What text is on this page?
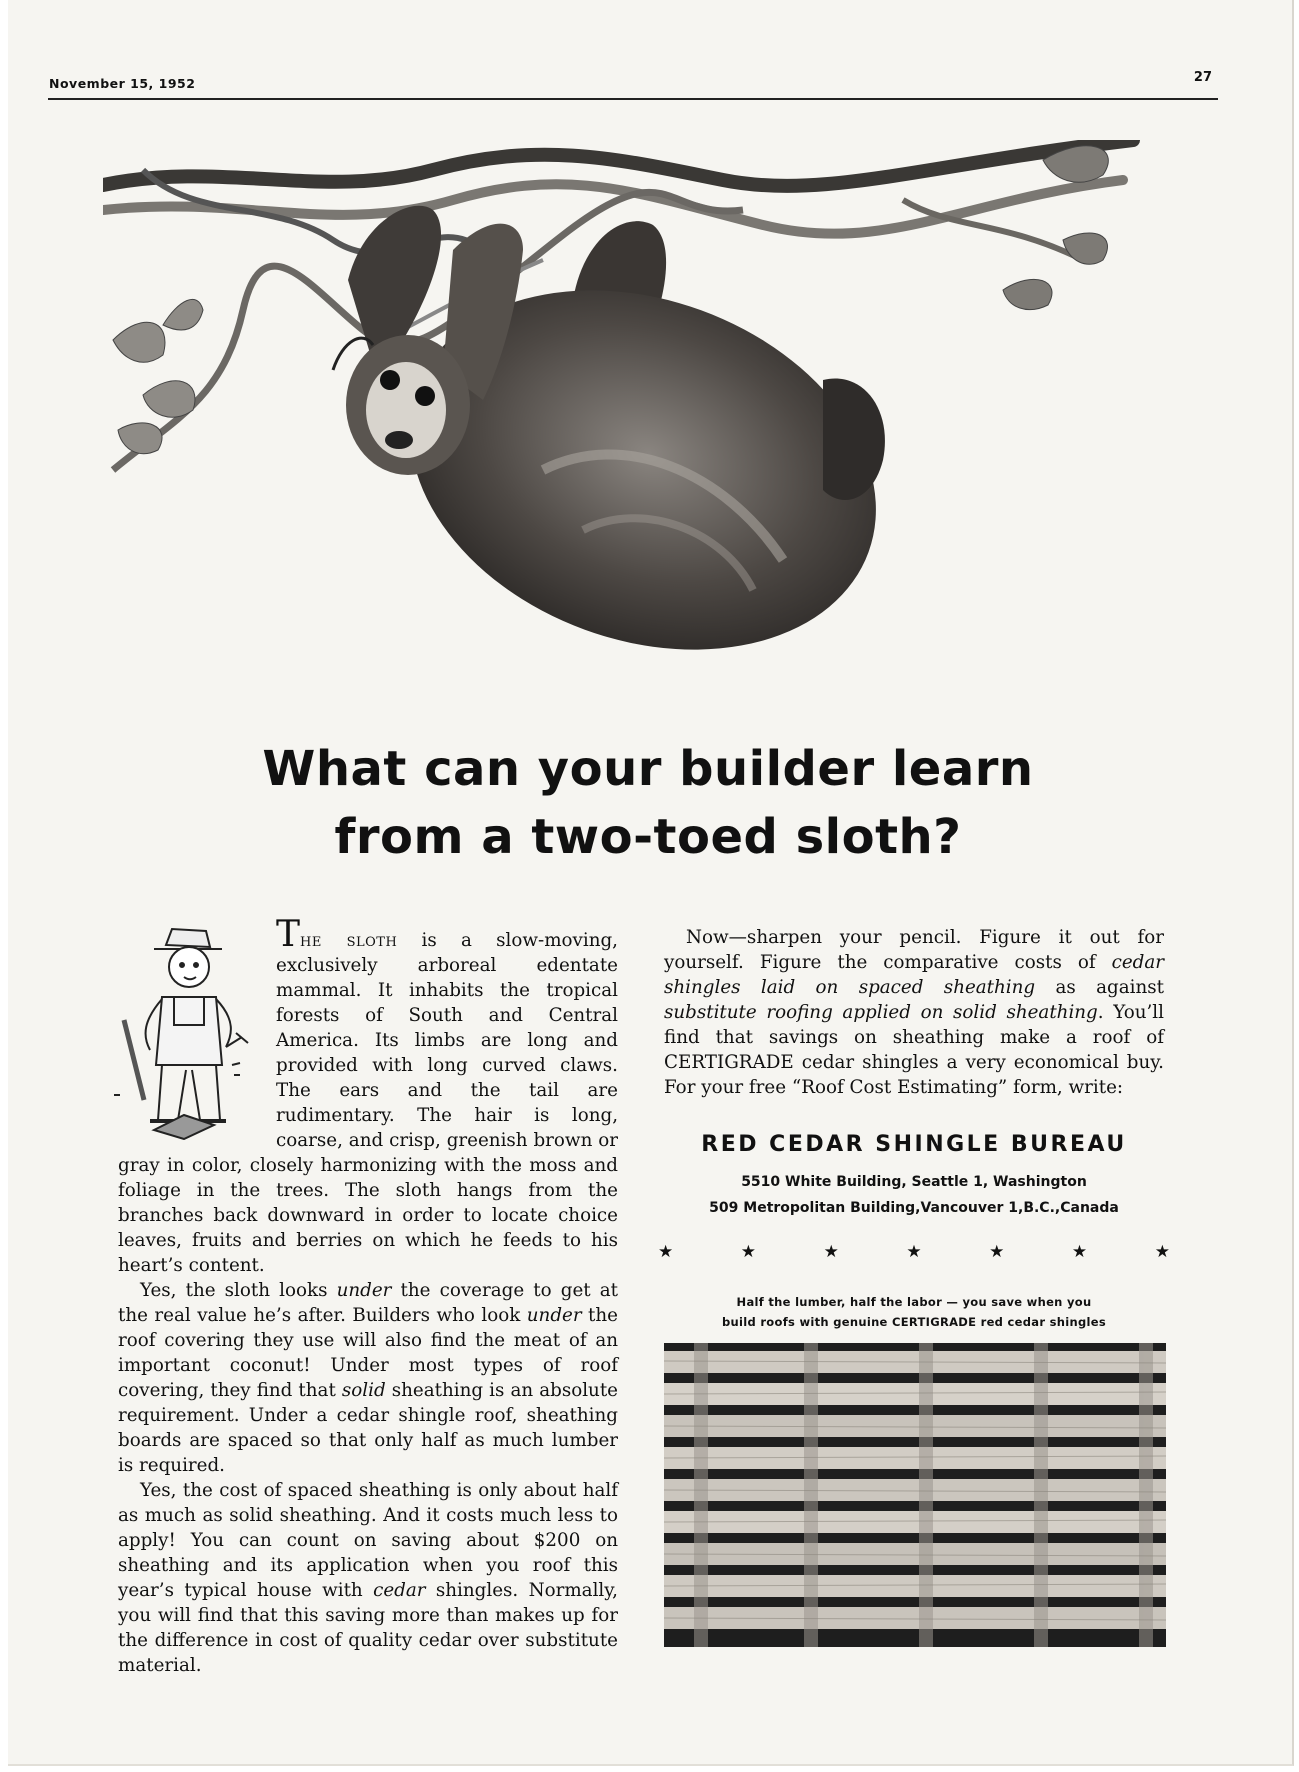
November 15, 1952	27
What can your builder learn
from a two-toed sloth?

The sloth is a slow-moving, exclusively arboreal edentate mammal. It inhabits the tropical forests of South and Central America. Its limbs are long and provided with long curved claws. The ears and the tail are rudimentary. The hair is long, coarse, and crisp, greenish brown or gray in color, closely harmonizing with the moss and foliage in the trees. The sloth hangs from the branches back downward in order to locate choice leaves, fruits and berries on which he feeds to his heart’s content.

Yes, the sloth looks under the coverage to get at the real value he’s after. Builders who look under the roof covering they use will also find the meat of an important coconut! Under most types of roof covering, they find that solid sheathing is an absolute requirement. Under a cedar shingle roof, sheathing boards are spaced so that only half as much lumber is required.

Yes, the cost of spaced sheathing is only about half as much as solid sheathing. And it costs much less to apply! You can count on saving about $200 on sheathing and its application when you roof this year’s typical house with cedar shingles. Normally, you will find that this saving more than makes up for the difference in cost of quality cedar over substitute material.

Now—sharpen your pencil. Figure it out for yourself. Figure the comparative costs of cedar shingles laid on spaced sheathing as against substitute roofing applied on solid sheathing. You’ll find that savings on sheathing make a roof of CERTIGRADE cedar shingles a very economical buy. For your free “Roof Cost Estimating” form, write:

RED CEDAR SHINGLE BUREAU
5510 White Building, Seattle 1, Washington
509 Metropolitan Building,Vancouver 1,B.C.,Canada
★	★	★	★	★	★	★
Half the lumber, half the labor — you save when you
build roofs with genuine CERTIGRADE red cedar shingles
